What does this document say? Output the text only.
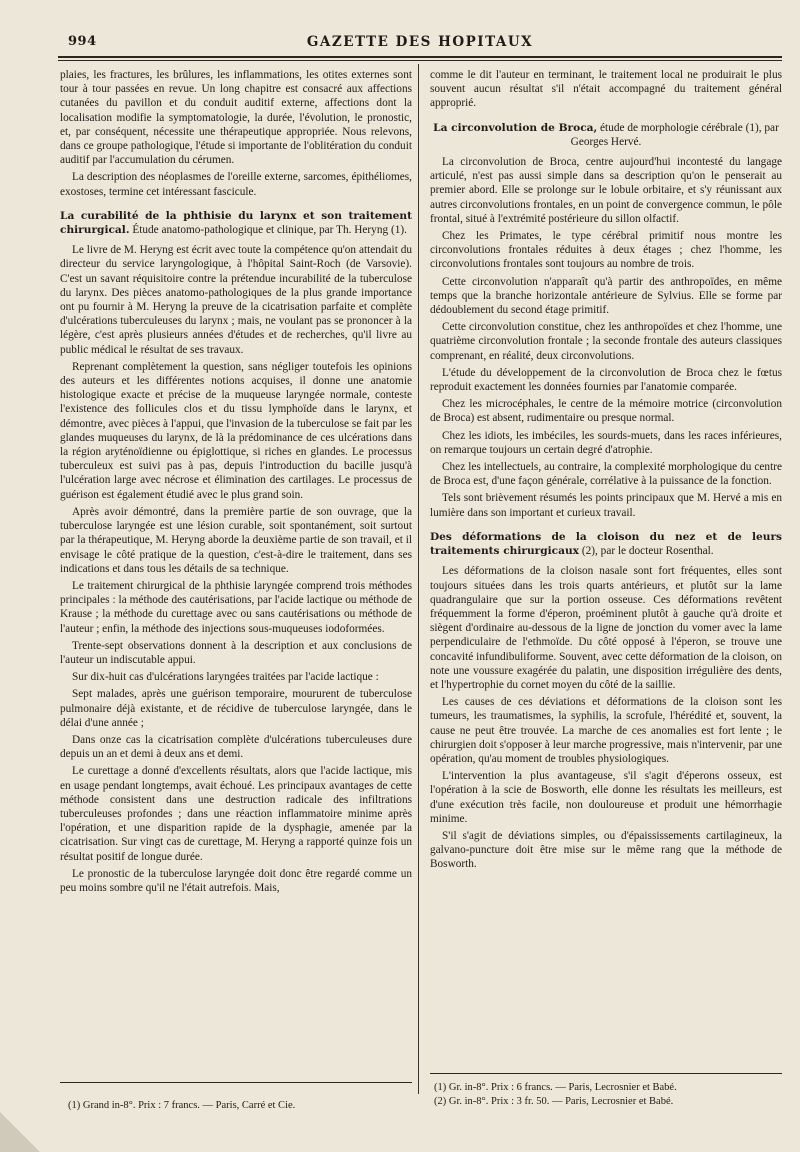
994	GAZETTE DES HOPITAUX

plaies, les fractures, les brûlures, les inflammations, les otites externes sont tour à tour passées en revue. Un long chapitre est consacré aux affections cutanées du pavillon et du conduit auditif externe, affections dont la localisation modifie la symptomatologie, la durée, l'évolution, le pronostic, et, par conséquent, nécessite une thérapeutique appropriée. Nous relevons, dans ce groupe pathologique, l'étude si importante de l'oblitération du conduit auditif par l'accumulation du cérumen.

La description des néoplasmes de l'oreille externe, sarcomes, épithéliomes, exostoses, termine cet intéressant fascicule.

La curabilité de la phthisie du larynx et son traitement chirurgical. Étude anatomo-pathologique et clinique, par Th. Heryng (1).

Le livre de M. Heryng est écrit avec toute la compétence qu'on attendait du directeur du service laryngologique, à l'hôpital Saint-Roch (de Varsovie). C'est un savant réquisitoire contre la prétendue incurabilité de la tuberculose du larynx. Des pièces anatomo-pathologiques de la plus grande importance ont pu fournir à M. Heryng la preuve de la cicatrisation parfaite et complète d'ulcérations tuberculeuses du larynx ; mais, ne voulant pas se prononcer à la légère, c'est après plusieurs années d'études et de recherches, qu'il livre au public médical le résultat de ses travaux.

Reprenant complètement la question, sans négliger toutefois les opinions des auteurs et les différentes notions acquises, il donne une anatomie histologique exacte et précise de la muqueuse laryngée normale, conteste l'existence des follicules clos et du tissu lymphoïde dans le larynx, et démontre, avec pièces à l'appui, que l'invasion de la tuberculose se fait par les glandes muqueuses du larynx, de là la prédominance de ces ulcérations dans la région aryténoïdienne ou épiglottique, si riches en glandes. Le processus tuberculeux est suivi pas à pas, depuis l'introduction du bacille jusqu'à l'ulcération large avec nécrose et élimination des cartilages. Le processus de guérison est également étudié avec le plus grand soin.

Après avoir démontré, dans la première partie de son ouvrage, que la tuberculose laryngée est une lésion curable, soit spontanément, soit surtout par la thérapeutique, M. Heryng aborde la deuxième partie de son travail, et il envisage le côté pratique de la question, c'est-à-dire le traitement, dans ses indications et dans tous les détails de sa technique.

Le traitement chirurgical de la phthisie laryngée comprend trois méthodes principales : la méthode des cautérisations, par l'acide lactique ou méthode de Krause ; la méthode du curettage avec ou sans cautérisations ou méthode de l'auteur ; enfin, la méthode des injections sous-muqueuses iodoformées.

Trente-sept observations donnent à la description et aux conclusions de l'auteur un indiscutable appui.

Sur dix-huit cas d'ulcérations laryngées traitées par l'acide lactique :

Sept malades, après une guérison temporaire, moururent de tuberculose pulmonaire déjà existante, et de récidive de tuberculose laryngée, dans le délai d'une année ;

Dans onze cas la cicatrisation complète d'ulcérations tuberculeuses dure depuis un an et demi à deux ans et demi.

Le curettage a donné d'excellents résultats, alors que l'acide lactique, mis en usage pendant longtemps, avait échoué. Les principaux avantages de cette méthode consistent dans une destruction radicale des infiltrations tuberculeuses profondes ; dans une réaction inflammatoire minime après l'opération, et une disparition rapide de la dysphagie, amenée par la cicatrisation. Sur vingt cas de curettage, M. Heryng a rapporté quinze fois un résultat positif de longue durée.

Le pronostic de la tuberculose laryngée doit donc être regardé comme un peu moins sombre qu'il ne l'était autrefois. Mais,

comme le dit l'auteur en terminant, le traitement local ne produirait le plus souvent aucun résultat s'il n'était accompagné du traitement général approprié.

La circonvolution de Broca, étude de morphologie cérébrale (1), par Georges Hervé.

La circonvolution de Broca, centre aujourd'hui incontesté du langage articulé, n'est pas aussi simple dans sa description qu'on le penserait au premier abord. Elle se prolonge sur le lobule orbitaire, et s'y réunissant aux autres circonvolutions frontales, en un point de convergence commun, le pôle frontal, situé à l'extrémité postérieure du sillon olfactif.

Chez les Primates, le type cérébral primitif nous montre les circonvolutions frontales réduites à deux étages ; chez l'homme, les circonvolutions frontales sont toujours au nombre de trois.

Cette circonvolution n'apparaît qu'à partir des anthropoïdes, en même temps que la branche horizontale antérieure de Sylvius. Elle se forme par dédoublement du second étage primitif.

Cette circonvolution constitue, chez les anthropoïdes et chez l'homme, une quatrième circonvolution frontale ; la seconde frontale des auteurs classiques comprenant, en réalité, deux circonvolutions.

L'étude du développement de la circonvolution de Broca chez le fœtus reproduit exactement les données fournies par l'anatomie comparée.

Chez les microcéphales, le centre de la mémoire motrice (circonvolution de Broca) est absent, rudimentaire ou presque normal.

Chez les idiots, les imbéciles, les sourds-muets, dans les races inférieures, on remarque toujours un certain degré d'atrophie.

Chez les intellectuels, au contraire, la complexité morphologique du centre de Broca est, d'une façon générale, corrélative à la puissance de la fonction.

Tels sont brièvement résumés les points principaux que M. Hervé a mis en lumière dans son important et curieux travail.

Des déformations de la cloison du nez et de leurs traitements chirurgicaux (2), par le docteur Rosenthal.

Les déformations de la cloison nasale sont fort fréquentes, elles sont toujours situées dans les trois quarts antérieurs, et plutôt sur la lame quadrangulaire que sur la portion osseuse. Ces déformations revêtent fréquemment la forme d'éperon, proéminent plutôt à gauche qu'à droite et siègent d'ordinaire au-dessous de la ligne de jonction du vomer avec la lame perpendiculaire de l'ethmoïde. Du côté opposé à l'éperon, se trouve une concavité infundibuliforme. Souvent, avec cette déformation de la cloison, on note une voussure exagérée du palatin, une disposition irrégulière des dents, et l'hypertrophie du cornet moyen du côté de la saillie.

Les causes de ces déviations et déformations de la cloison sont les tumeurs, les traumatismes, la syphilis, la scrofule, l'hérédité et, souvent, la cause ne peut être trouvée. La marche de ces anomalies est fort lente ; le chirurgien doit s'opposer à leur marche progressive, mais n'intervenir, par une opération, qu'au moment de troubles physiologiques.

L'intervention la plus avantageuse, s'il s'agit d'éperons osseux, est l'opération à la scie de Bosworth, elle donne les résultats les meilleurs, est d'une exécution très facile, non douloureuse et produit une hémorrhagie minime.

S'il s'agit de déviations simples, ou d'épaississements cartilagineux, la galvano-puncture doit être mise sur le même rang que la méthode de Bosworth.

(1) Grand in-8°. Prix : 7 francs. — Paris, Carré et Cie.
(1) Gr. in-8°. Prix : 6 francs. — Paris, Lecrosnier et Babé.
(2) Gr. in-8°. Prix : 3 fr. 50. — Paris, Lecrosnier et Babé.
